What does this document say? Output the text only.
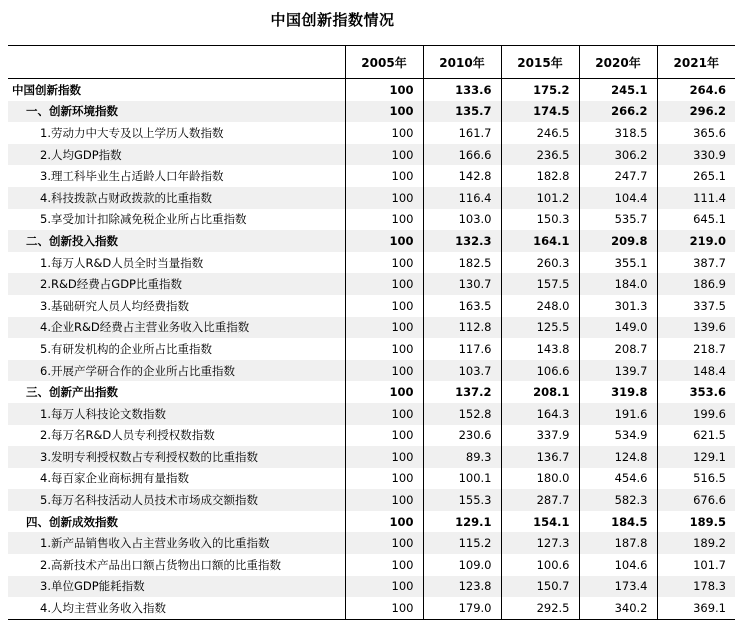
中国创新指数情况
	2005年	2010年	2015年	2020年	2021年
中国创新指数	100	133.6	175.2	245.1	264.6
一、创新环境指数	100	135.7	174.5	266.2	296.2
1.劳动力中大专及以上学历人数指数	100	161.7	246.5	318.5	365.6
2.人均GDP指数	100	166.6	236.5	306.2	330.9
3.理工科毕业生占适龄人口年龄指数	100	142.8	182.8	247.7	265.1
4.科技拨款占财政拨款的比重指数	100	116.4	101.2	104.4	111.4
5.享受加计扣除减免税企业所占比重指数	100	103.0	150.3	535.7	645.1
二、创新投入指数	100	132.3	164.1	209.8	219.0
1.每万人R&D人员全时当量指数	100	182.5	260.3	355.1	387.7
2.R&D经费占GDP比重指数	100	130.7	157.5	184.0	186.9
3.基础研究人员人均经费指数	100	163.5	248.0	301.3	337.5
4.企业R&D经费占主营业务收入比重指数	100	112.8	125.5	149.0	139.6
5.有研发机构的企业所占比重指数	100	117.6	143.8	208.7	218.7
6.开展产学研合作的企业所占比重指数	100	103.7	106.6	139.7	148.4
三、创新产出指数	100	137.2	208.1	319.8	353.6
1.每万人科技论文数指数	100	152.8	164.3	191.6	199.6
2.每万名R&D人员专利授权数指数	100	230.6	337.9	534.9	621.5
3.发明专利授权数占专利授权数的比重指数	100	89.3	136.7	124.8	129.1
4.每百家企业商标拥有量指数	100	100.1	180.0	454.6	516.5
5.每万名科技活动人员技术市场成交额指数	100	155.3	287.7	582.3	676.6
四、创新成效指数	100	129.1	154.1	184.5	189.5
1.新产品销售收入占主营业务收入的比重指数	100	115.2	127.3	187.8	189.2
2.高新技术产品出口额占货物出口额的比重指数	100	109.0	100.6	104.6	101.7
3.单位GDP能耗指数	100	123.8	150.7	173.4	178.3
4.人均主营业务收入指数	100	179.0	292.5	340.2	369.1
